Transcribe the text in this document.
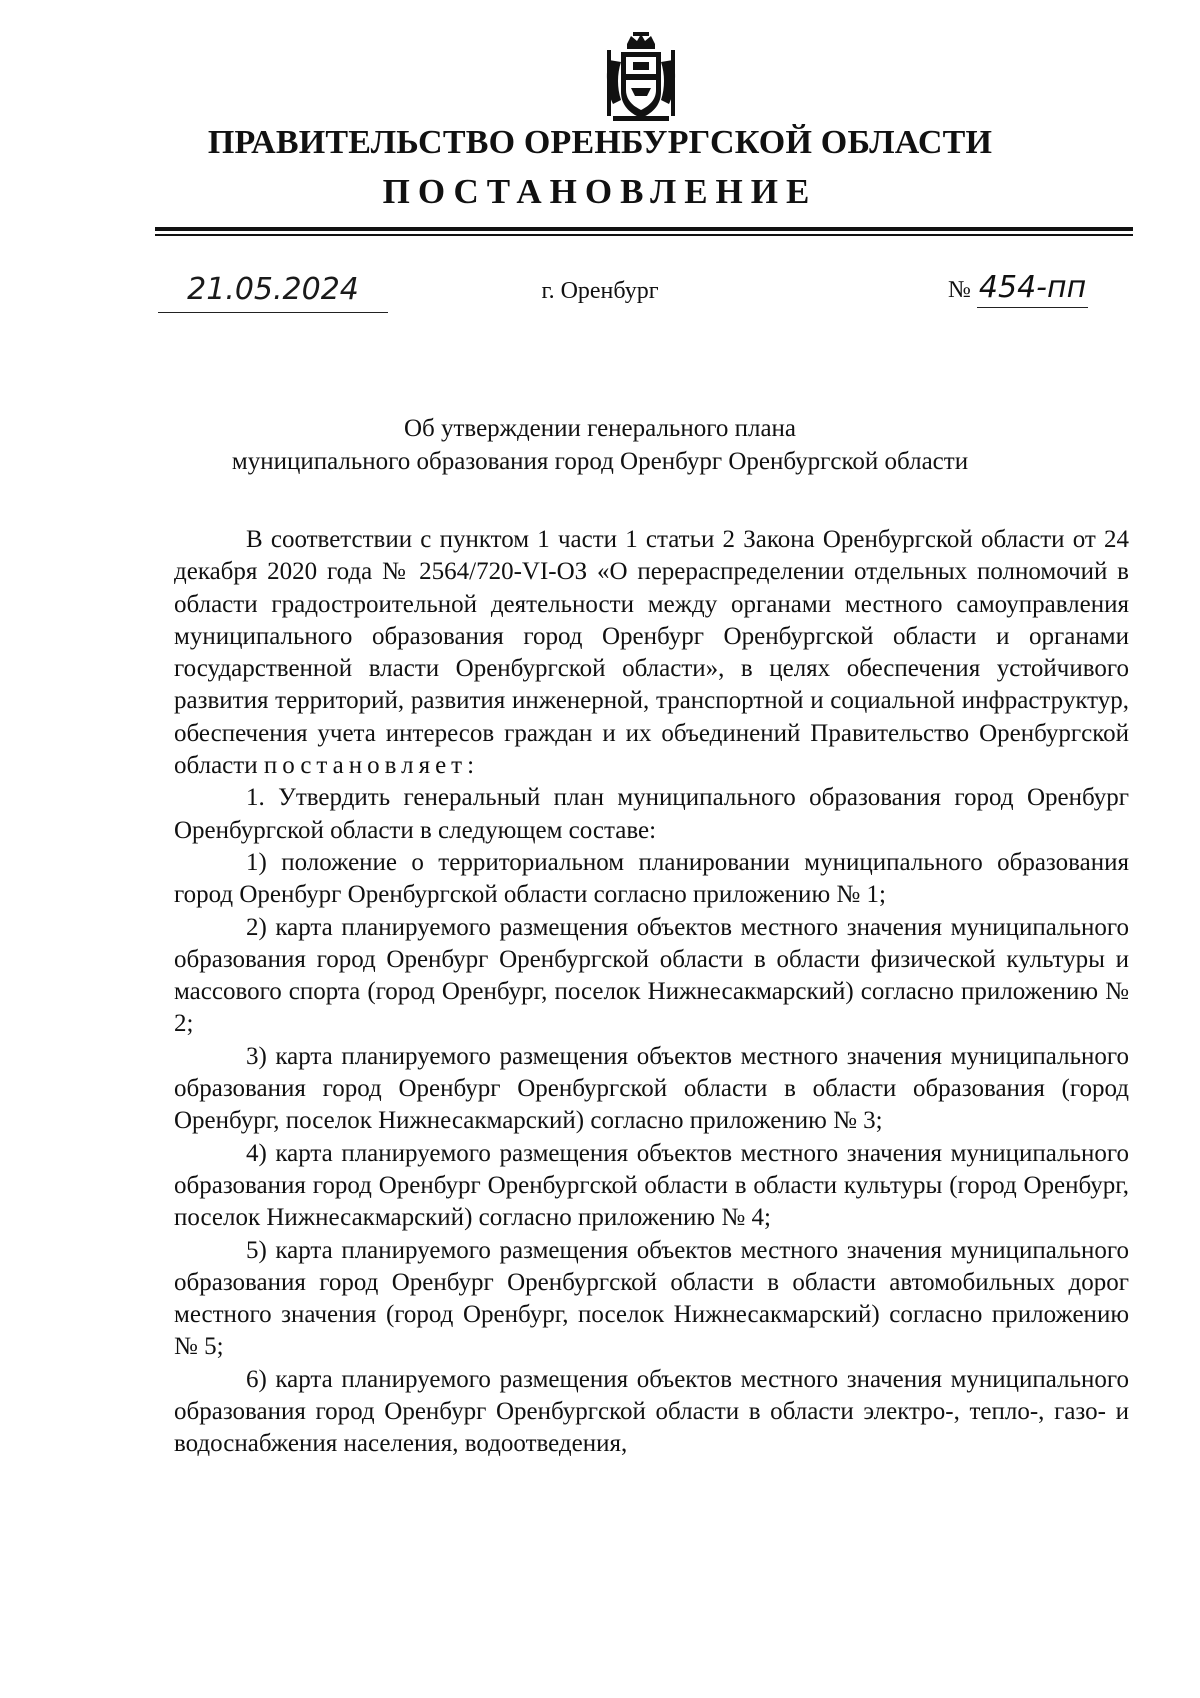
ПРАВИТЕЛЬСТВО ОРЕНБУРГСКОЙ ОБЛАСТИ
ПОСТАНОВЛЕНИЕ
21.05.2024	г. Оренбург	№ 454-пп
Об утверждении генерального плана
муниципального образования город Оренбург Оренбургской области

В соответствии с пунктом 1 части 1 статьи 2 Закона Оренбургской области от 24 декабря 2020 года № 2564/720-VI-ОЗ «О перераспределении отдельных полномочий в области градостроительной деятельности между органами местного самоуправления муниципального образования город Оренбург Оренбургской области и органами государственной власти Оренбургской области», в целях обеспечения устойчивого развития территорий, развития инженерной, транспортной и социальной инфраструктур, обеспечения учета интересов граждан и их объединений Правительство Оренбургской области постановляет:

1. Утвердить генеральный план муниципального образования город Оренбург Оренбургской области в следующем составе:

1) положение о территориальном планировании муниципального образования город Оренбург Оренбургской области согласно приложению № 1;

2) карта планируемого размещения объектов местного значения муниципального образования город Оренбург Оренбургской области в области физической культуры и массового спорта (город Оренбург, поселок Нижнесакмарский) согласно приложению № 2;

3) карта планируемого размещения объектов местного значения муниципального образования город Оренбург Оренбургской области в области образования (город Оренбург, поселок Нижнесакмарский) согласно приложению № 3;

4) карта планируемого размещения объектов местного значения муниципального образования город Оренбург Оренбургской области в области культуры (город Оренбург, поселок Нижнесакмарский) согласно приложению № 4;

5) карта планируемого размещения объектов местного значения муниципального образования город Оренбург Оренбургской области в области автомобильных дорог местного значения (город Оренбург, поселок Нижнесакмарский) согласно приложению № 5;

6) карта планируемого размещения объектов местного значения муниципального образования город Оренбург Оренбургской области в области электро-, тепло-, газо- и водоснабжения населения, водоотведения,
